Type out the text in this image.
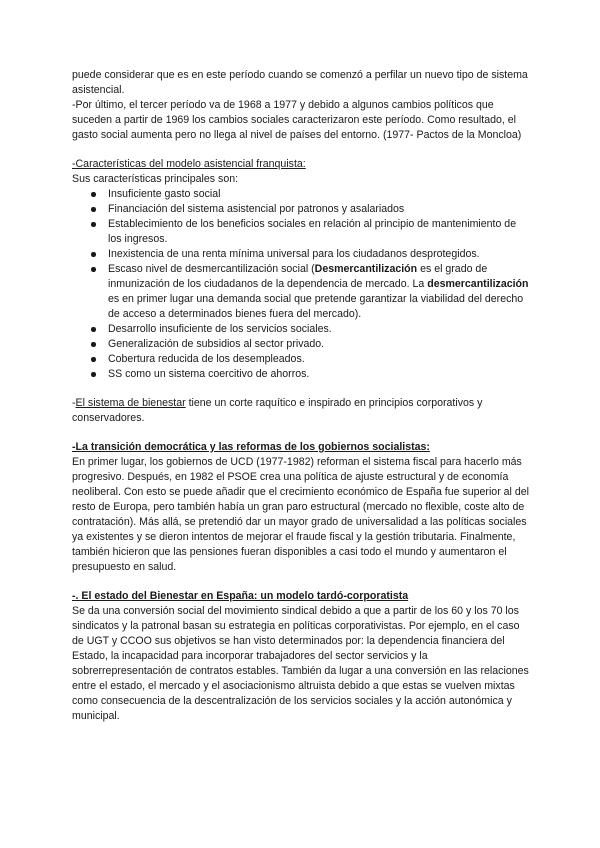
puede considerar que es en este período cuando se comenzó a perfilar un nuevo tipo de sistema asistencial.

-Por último, el tercer período va de 1968 a 1977 y debido a algunos cambios políticos que suceden a partir de 1969 los cambios sociales caracterizaron este período. Como resultado, el gasto social aumenta pero no llega al nivel de países del entorno. (1977- Pactos de la Moncloa)

-Características del modelo asistencial franquista:

Sus características principales son:

Insuficiente gasto social
Financiación del sistema asistencial por patronos y asalariados
Establecimiento de los beneficios sociales en relación al principio de mantenimiento de los ingresos.
Inexistencia de una renta mínima universal para los ciudadanos desprotegidos.
Escaso nivel de desmercantilización social (Desmercantilización es el grado de inmunización de los ciudadanos de la dependencia de mercado. La desmercantilización es en primer lugar una demanda social que pretende garantizar la viabilidad del derecho de acceso a determinados bienes fuera del mercado).
Desarrollo insuficiente de los servicios sociales.
Generalización de subsidios al sector privado.
Cobertura reducida de los desempleados.
SS como un sistema coercitivo de ahorros.

-El sistema de bienestar tiene un corte raquítico e inspirado en principios corporativos y conservadores.

-La transición democrática y las reformas de los gobiernos socialistas:

En primer lugar, los gobiernos de UCD (1977-1982) reforman el sistema fiscal para hacerlo más progresivo. Después, en 1982 el PSOE crea una política de ajuste estructural y de economía neoliberal. Con esto se puede añadir que el crecimiento económico de España fue superior al del resto de Europa, pero también había un gran paro estructural (mercado no flexible, coste alto de contratación). Más allá, se pretendió dar un mayor grado de universalidad a las políticas sociales ya existentes y se dieron intentos de mejorar el fraude fiscal y la gestión tributaria. Finalmente, también hicieron que las pensiones fueran disponibles a casi todo el mundo y aumentaron el presupuesto en salud.

-. El estado del Bienestar en España: un modelo tardó-corporatista

Se da una conversión social del movimiento sindical debido a que a partir de los 60 y los 70 los sindicatos y la patronal basan su estrategia en políticas corporativistas. Por ejemplo, en el caso de UGT y CCOO sus objetivos se han visto determinados por: la dependencia financiera del Estado, la incapacidad para incorporar trabajadores del sector servicios y la sobrerrepresentación de contratos estables. También da lugar a una conversión en las relaciones entre el estado, el mercado y el asociacionismo altruista debido a que estas se vuelven mixtas como consecuencia de la descentralización de los servicios sociales y la acción autonómica y municipal.
